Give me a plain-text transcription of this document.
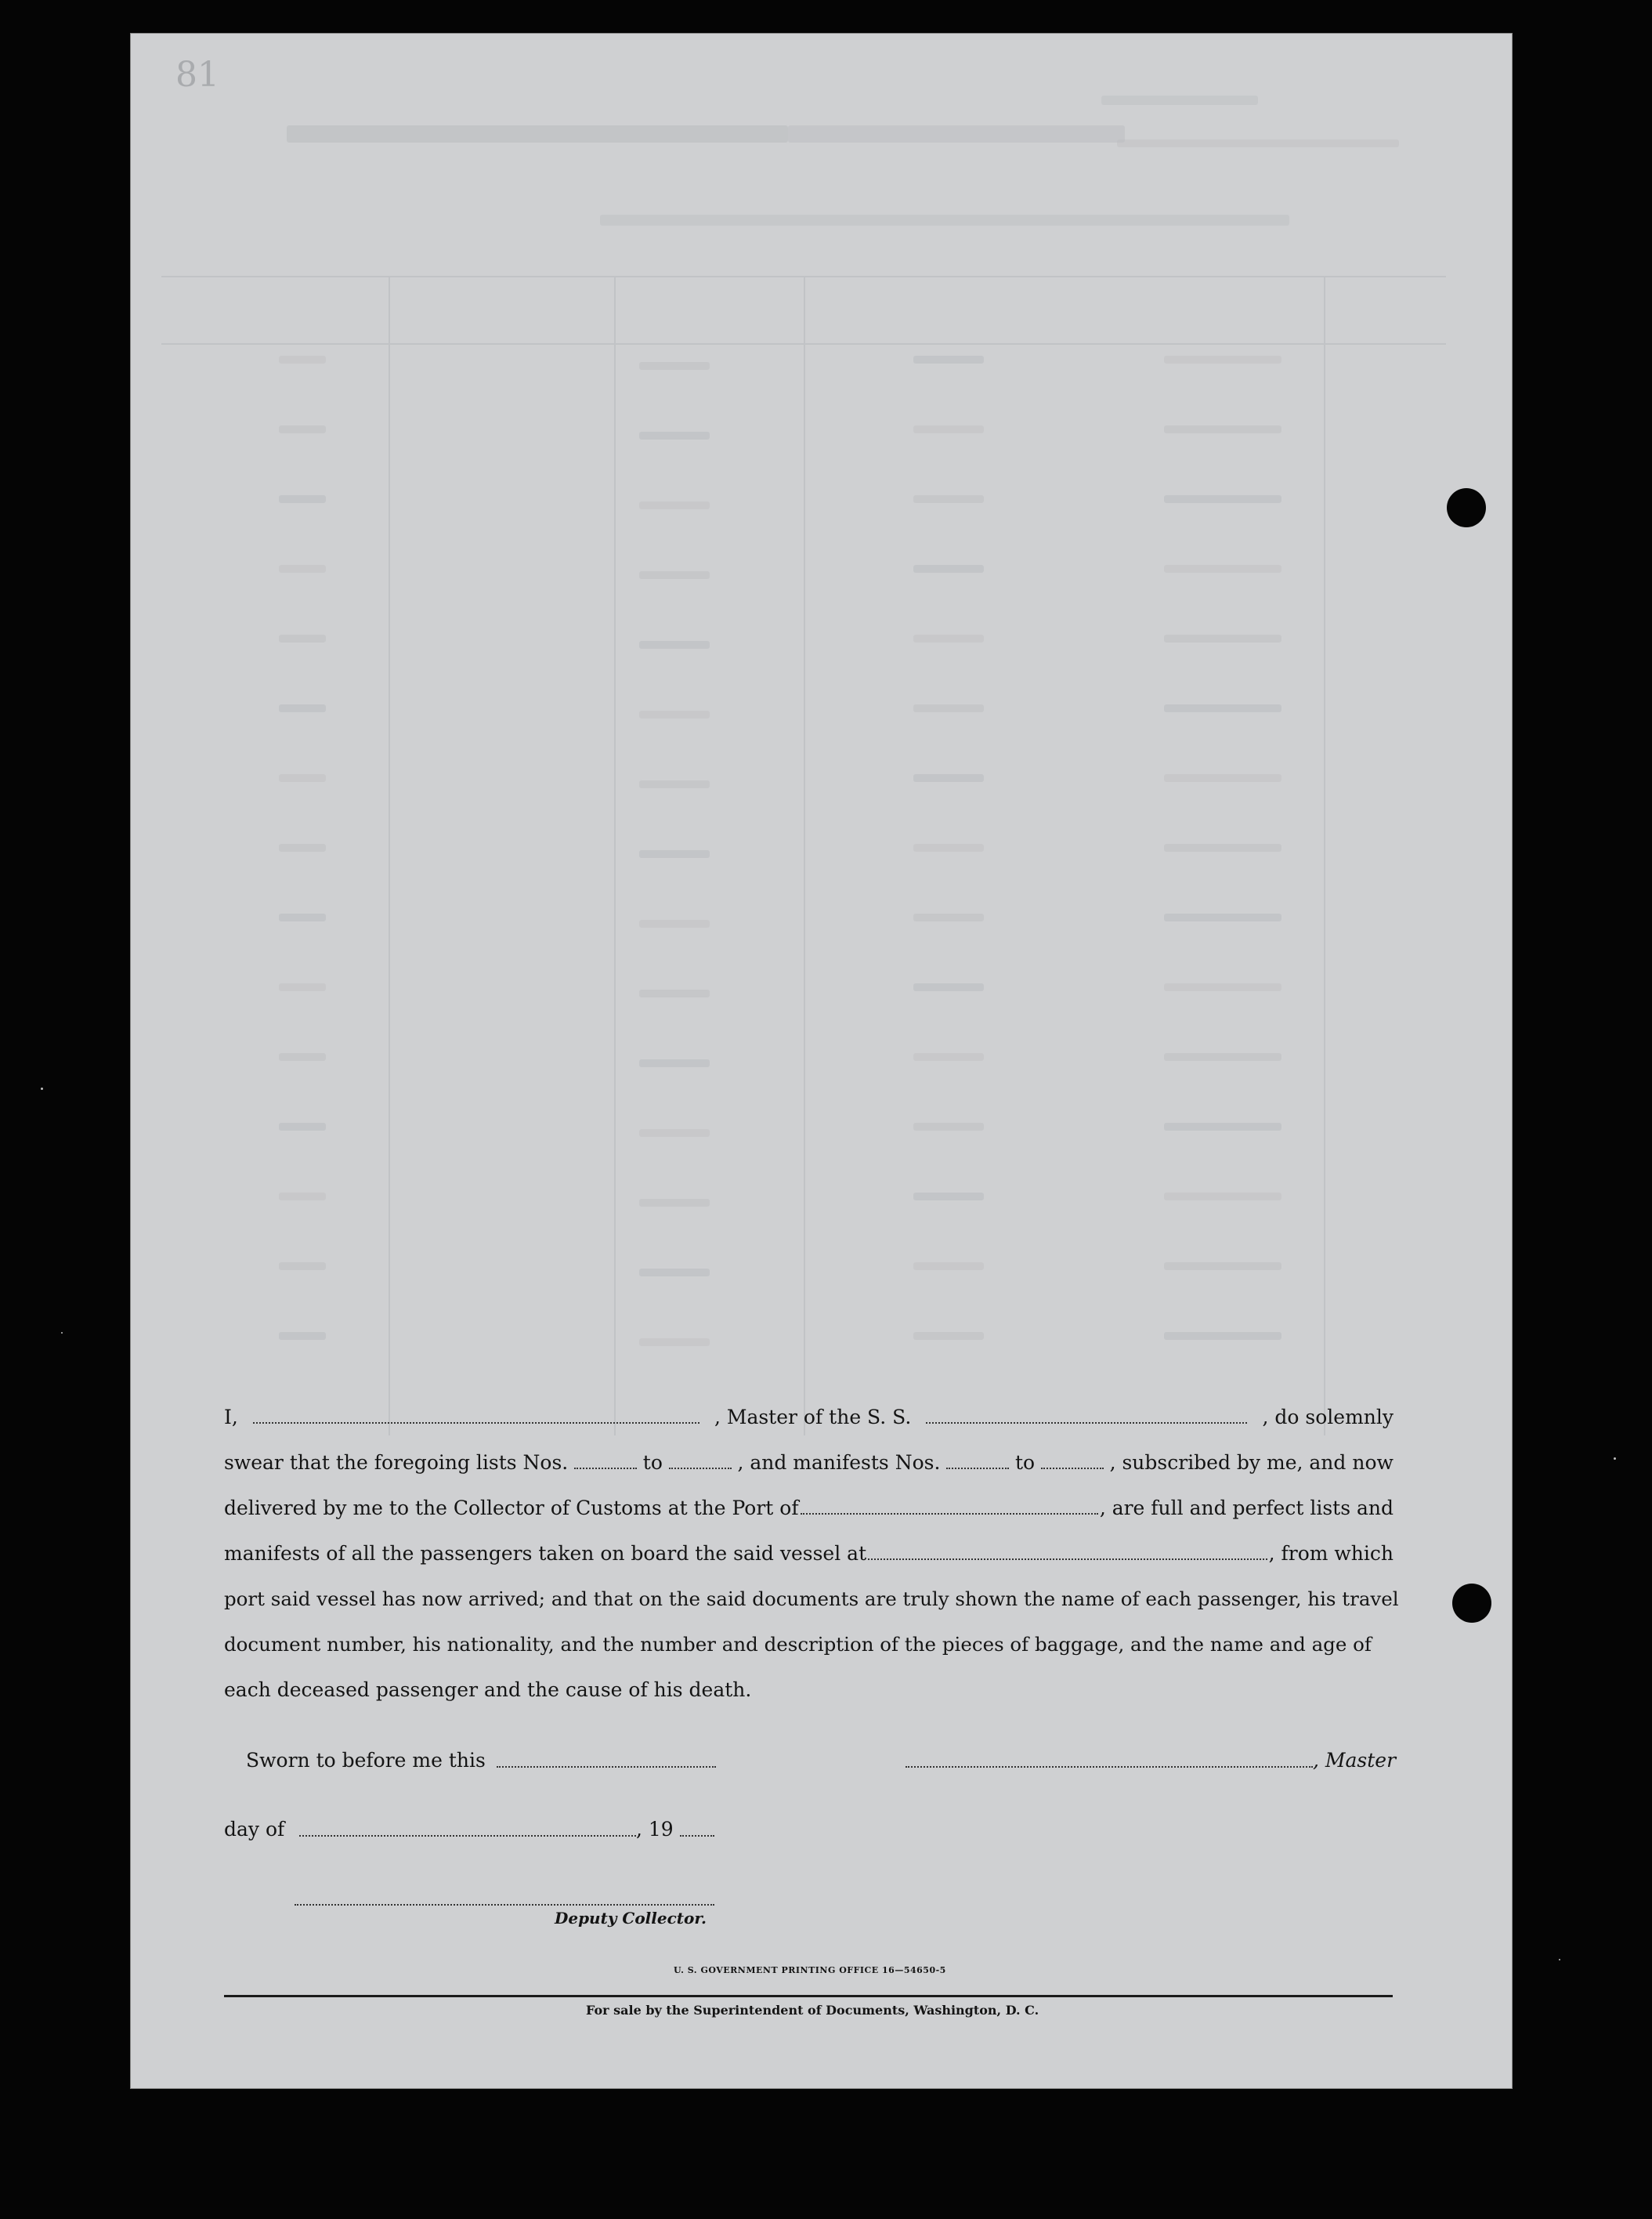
81
I,	, Master of the S. S.	, do solemnly
swear that the foregoing lists Nos.	to	, and manifests Nos.	to	, subscribed by me, and now
delivered by me to the Collector of Customs at the Port of	, are full and perfect lists and
manifests of all the passengers taken on board the said vessel at	, from which
port said vessel has now arrived; and that on the said documents are truly shown the name of each passenger, his travel
document number, his nationality, and the number and description of the pieces of baggage, and the name and age of
each deceased passenger and the cause of his death.
Sworn to before me this	, Master
day of	, 19
Deputy Collector.
U. S. GOVERNMENT PRINTING OFFICE 16—54650-5
For sale by the Superintendent of Documents, Washington, D. C.
